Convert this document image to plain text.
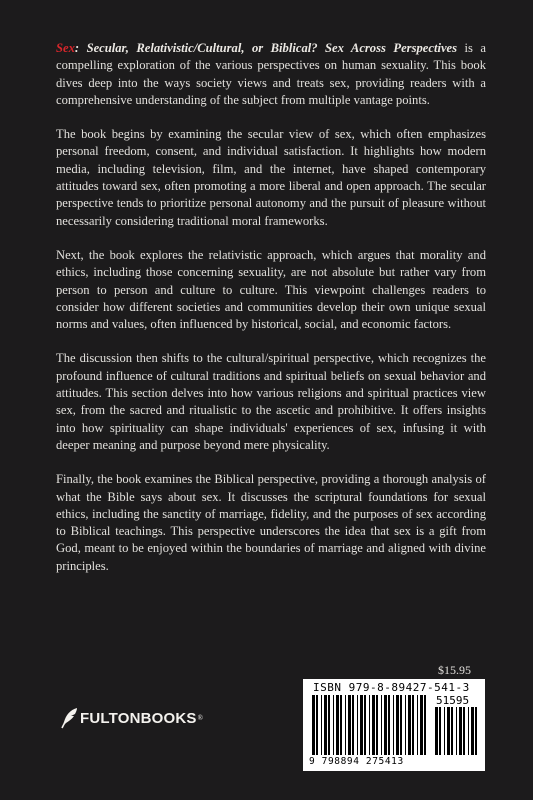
Sex: Secular, Relativistic/Cultural, or Biblical? Sex Across Perspectives is a compelling exploration of the various perspectives on human sexuality. This book dives deep into the ways society views and treats sex, providing readers with a comprehensive understanding of the subject from multiple vantage points.

The book begins by examining the secular view of sex, which often emphasizes personal freedom, consent, and individual satisfaction. It highlights how modern media, including television, film, and the internet, have shaped contemporary attitudes toward sex, often promoting a more liberal and open approach. The secular perspective tends to prioritize personal autonomy and the pursuit of pleasure without necessarily considering traditional moral frameworks.

Next, the book explores the relativistic approach, which argues that morality and ethics, including those concerning sexuality, are not absolute but rather vary from person to person and culture to culture. This viewpoint challenges readers to consider how different societies and communities develop their own unique sexual norms and values, often influenced by historical, social, and economic factors.

The discussion then shifts to the cultural/spiritual perspective, which recognizes the profound influence of cultural traditions and spiritual beliefs on sexual behavior and attitudes. This section delves into how various religions and spiritual practices view sex, from the sacred and ritualistic to the ascetic and prohibitive. It offers insights into how spirituality can shape individuals' experiences of sex, infusing it with deeper meaning and purpose beyond mere physicality.

Finally, the book examines the Biblical perspective, providing a thorough analysis of what the Bible says about sex. It discusses the scriptural foundations for sexual ethics, including the sanctity of marriage, fidelity, and the purposes of sex according to Biblical teachings. This perspective underscores the idea that sex is a gift from God, meant to be enjoyed within the boundaries of marriage and aligned with divine principles.

$15.95
ISBN 979-8-89427-541-3
51595
9 798894 275413
FULTONBOOKS ®
